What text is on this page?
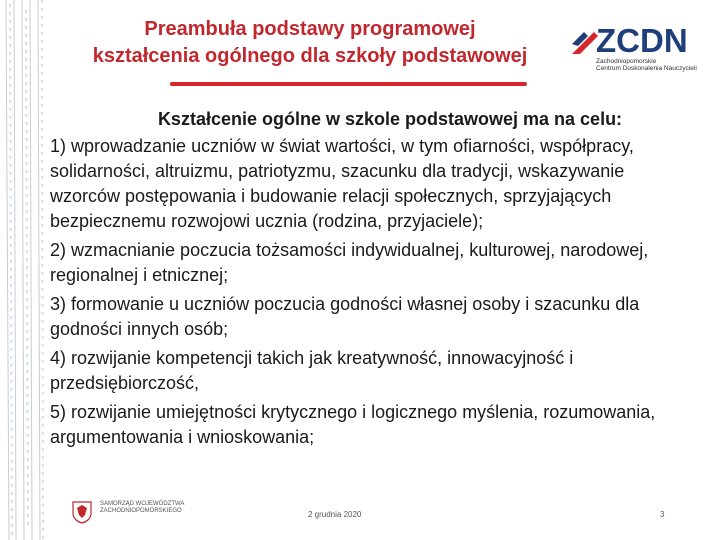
Preambuła podstawy programowej
kształcenia ogólnego dla szkoły podstawowej	ZCDN
Zachodniopomorskie
Centrum Doskonalenia Nauczycieli
Kształcenie ogólne w szkole podstawowej ma na celu:
1) wprowadzanie uczniów w świat wartości, w tym ofiarności, współpracy, solidarności, altruizmu, patriotyzmu, szacunku dla tradycji, wskazywanie wzorców postępowania i budowanie relacji społecznych, sprzyjających bezpiecznemu rozwojowi ucznia (rodzina, przyjaciele);
2) wzmacnianie poczucia tożsamości indywidualnej, kulturowej, narodowej, regionalnej i etnicznej;
3) formowanie u uczniów poczucia godności własnej osoby i szacunku dla godności innych osób;
4) rozwijanie kompetencji takich jak kreatywność, innowacyjność i przedsiębiorczość,
5) rozwijanie umiejętności krytycznego i logicznego myślenia, rozumowania, argumentowania i wnioskowania;
SAMORZĄD WOJEWÓDZTWA
ZACHODNIOPOMORSKIEGO	2 grudnia 2020	3
